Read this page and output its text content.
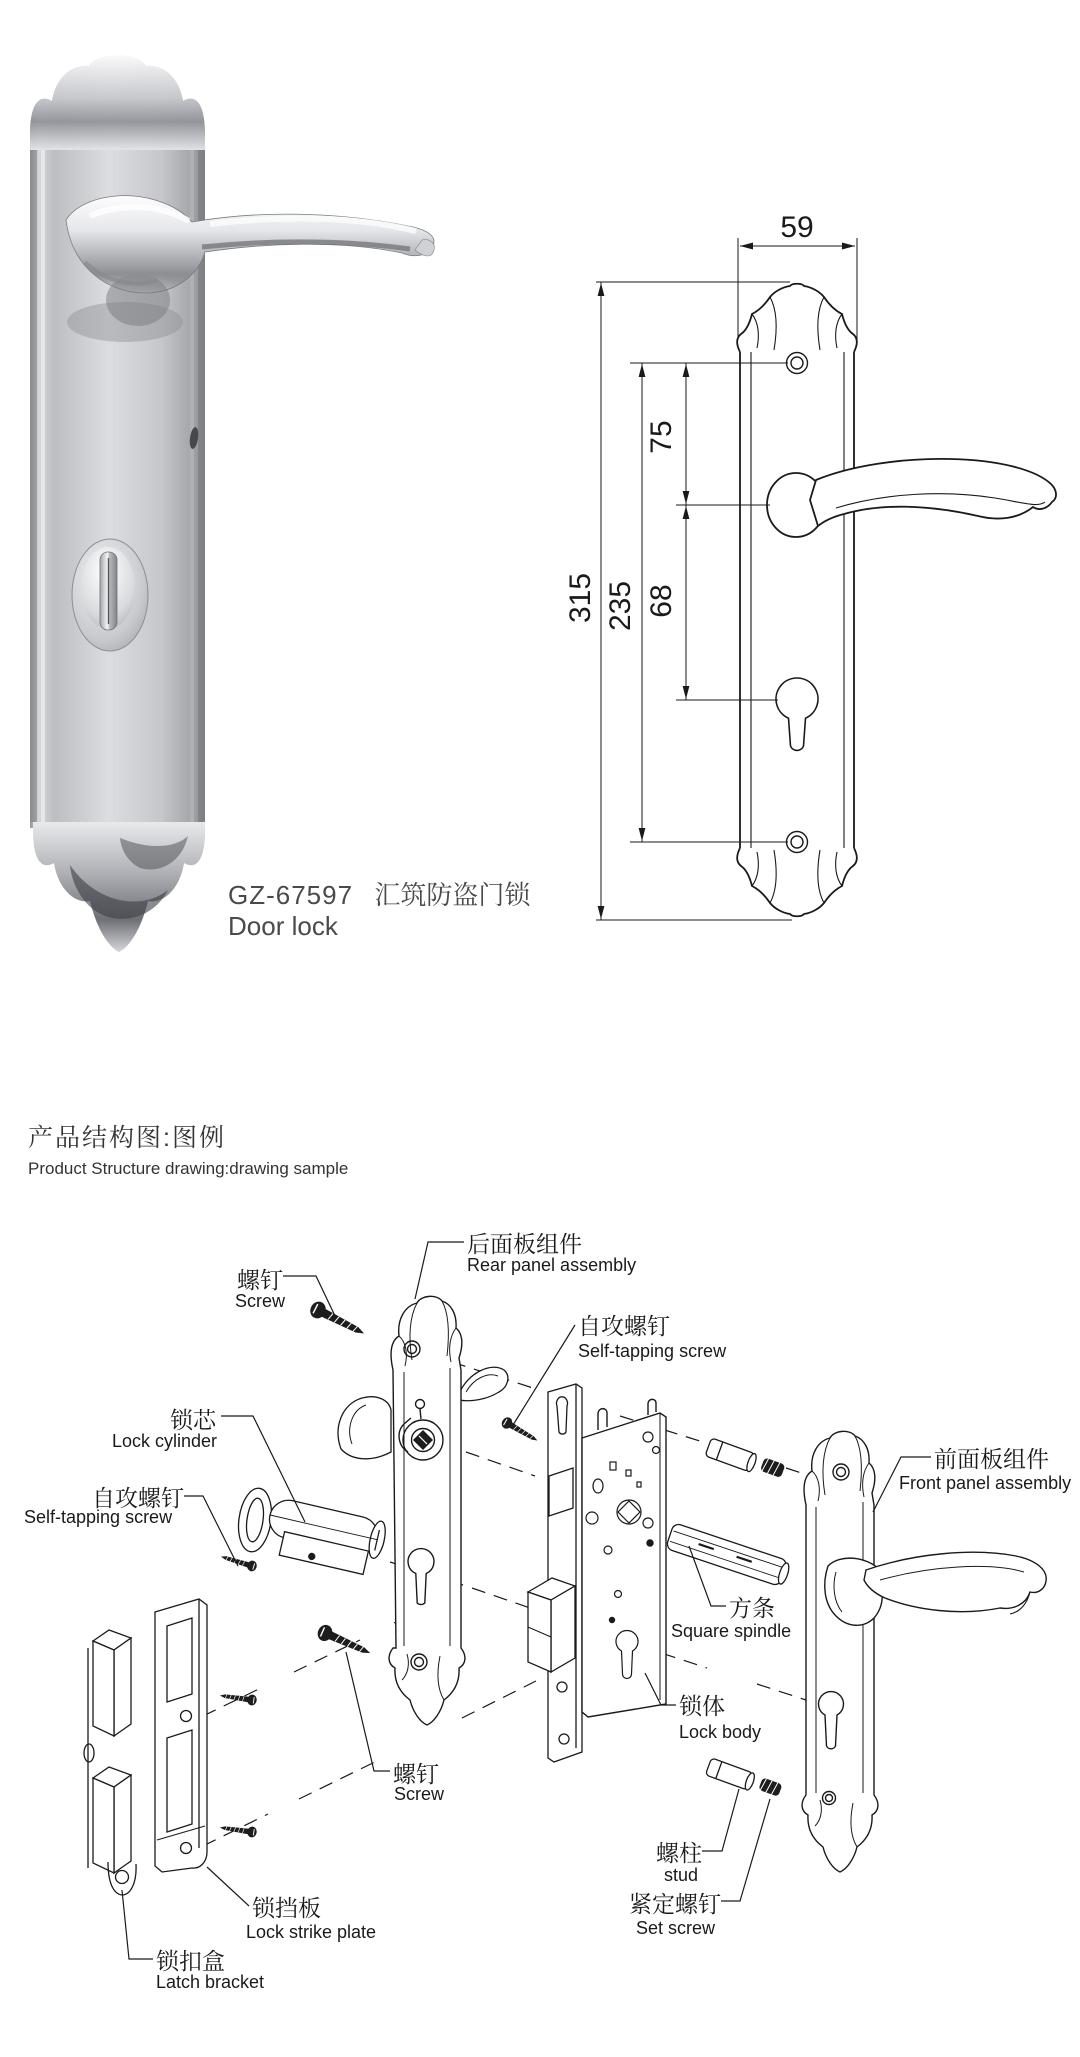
59
315 235
75
68
GZ-67597 汇筑防盗门锁
Door lock
产品结构图:图例
Product Structure drawing:drawing sample
螺钉
Screw
后面板组件
Rear panel assembly
自攻螺钉
Self-tapping screw
锁芯
Lock cylinder
自攻螺钉
Self-tapping screw
前面板组件
Front panel assembly
方条
Square spindle
锁体
Lock body
螺钉
Screw
锁挡板
Lock strike plate
锁扣盒
Latch bracket
螺柱
stud
紧定螺钉
Set screw
